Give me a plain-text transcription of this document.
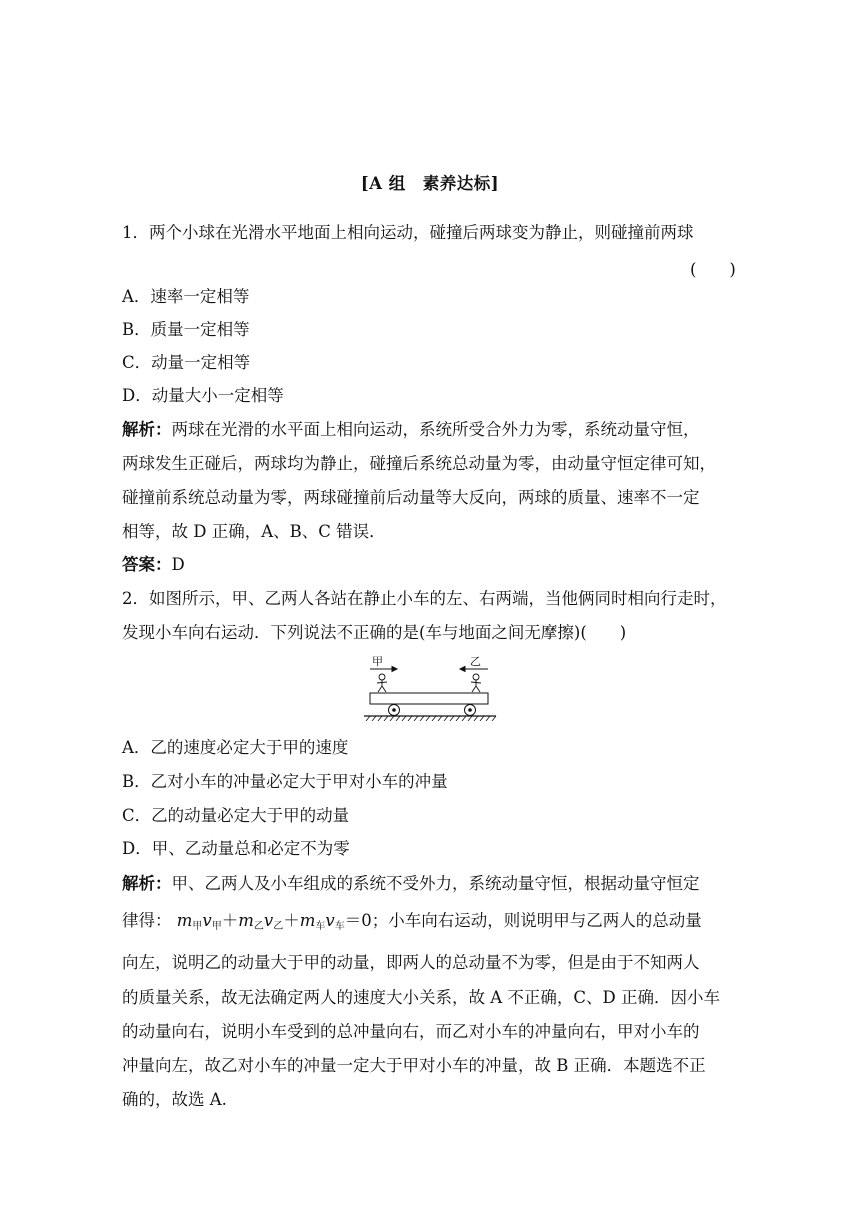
[A 组　素养达标]
1．两个小球在光滑水平地面上相向运动，碰撞后两球变为静止，则碰撞前两球
(　　)
A．速率一定相等
B．质量一定相等
C．动量一定相等
D．动量大小一定相等
解析：两球在光滑的水平面上相向运动，系统所受合外力为零，系统动量守恒，
两球发生正碰后，两球均为静止，碰撞后系统总动量为零，由动量守恒定律可知，
碰撞前系统总动量为零，两球碰撞前后动量等大反向，两球的质量、速率不一定
相等，故 D 正确，A、B、C 错误．
答案：D
2．如图所示，甲、乙两人各站在静止小车的左、右两端，当他俩同时相向行走时，
发现小车向右运动．下列说法不正确的是(车与地面之间无摩擦)(　　)
甲	乙
A．乙的速度必定大于甲的速度
B．乙对小车的冲量必定大于甲对小车的冲量
C．乙的动量必定大于甲的动量
D．甲、乙动量总和必定不为零
解析：甲、乙两人及小车组成的系统不受外力，系统动量守恒，根据动量守恒定
律得： $m_甲v_甲+m_乙v_乙+m_车v_车=0$；小车向右运动，则说明甲与乙两人的总动量
向左，说明乙的动量大于甲的动量，即两人的总动量不为零，但是由于不知两人
的质量关系，故无法确定两人的速度大小关系，故 A 不正确，C、D 正确．因小车
的动量向右，说明小车受到的总冲量向右，而乙对小车的冲量向右，甲对小车的
冲量向左，故乙对小车的冲量一定大于甲对小车的冲量，故 B 正确．本题选不正
确的，故选 A.
